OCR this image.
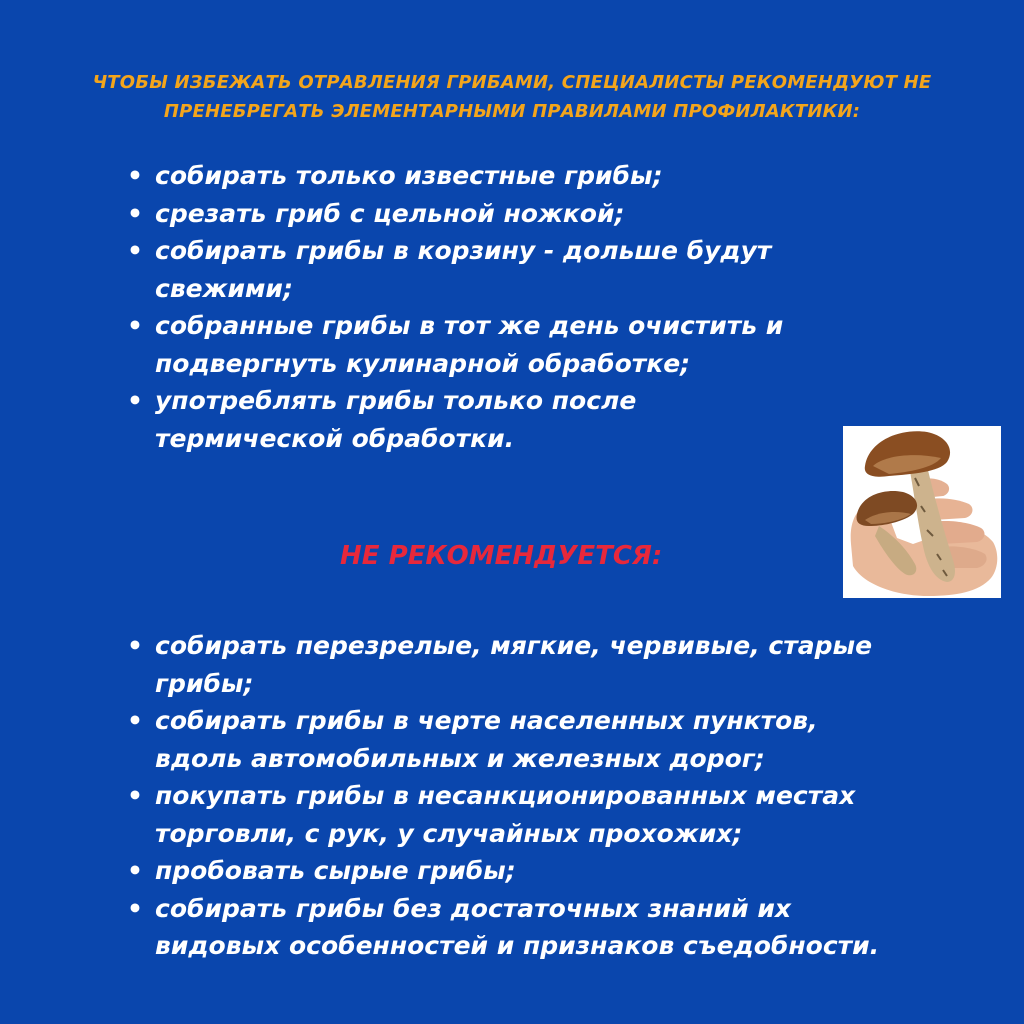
ЧТОБЫ ИЗБЕЖАТЬ ОТРАВЛЕНИЯ ГРИБАМИ, СПЕЦИАЛИСТЫ РЕКОМЕНДУЮТ НЕ
ПРЕНЕБРЕГАТЬ ЭЛЕМЕНТАРНЫМИ ПРАВИЛАМИ ПРОФИЛАКТИКИ:
• собирать только известные грибы;
• срезать гриб с цельной ножкой;
• собирать грибы в корзину - дольше будут
свежими;
• собранные грибы в тот же день очистить и
подвергнуть кулинарной обработке;
• употреблять грибы только после
термической обработки.
НЕ РЕКОМЕНДУЕТСЯ:
• собирать перезрелые, мягкие, червивые, старые
грибы;
• собирать грибы в черте населенных пунктов,
вдоль автомобильных и железных дорог;
• покупать грибы в несанкционированных местах
торговли, с рук, у случайных прохожих;
• пробовать сырые грибы;
• собирать грибы без достаточных знаний их
видовых особенностей и признаков съедобности.
